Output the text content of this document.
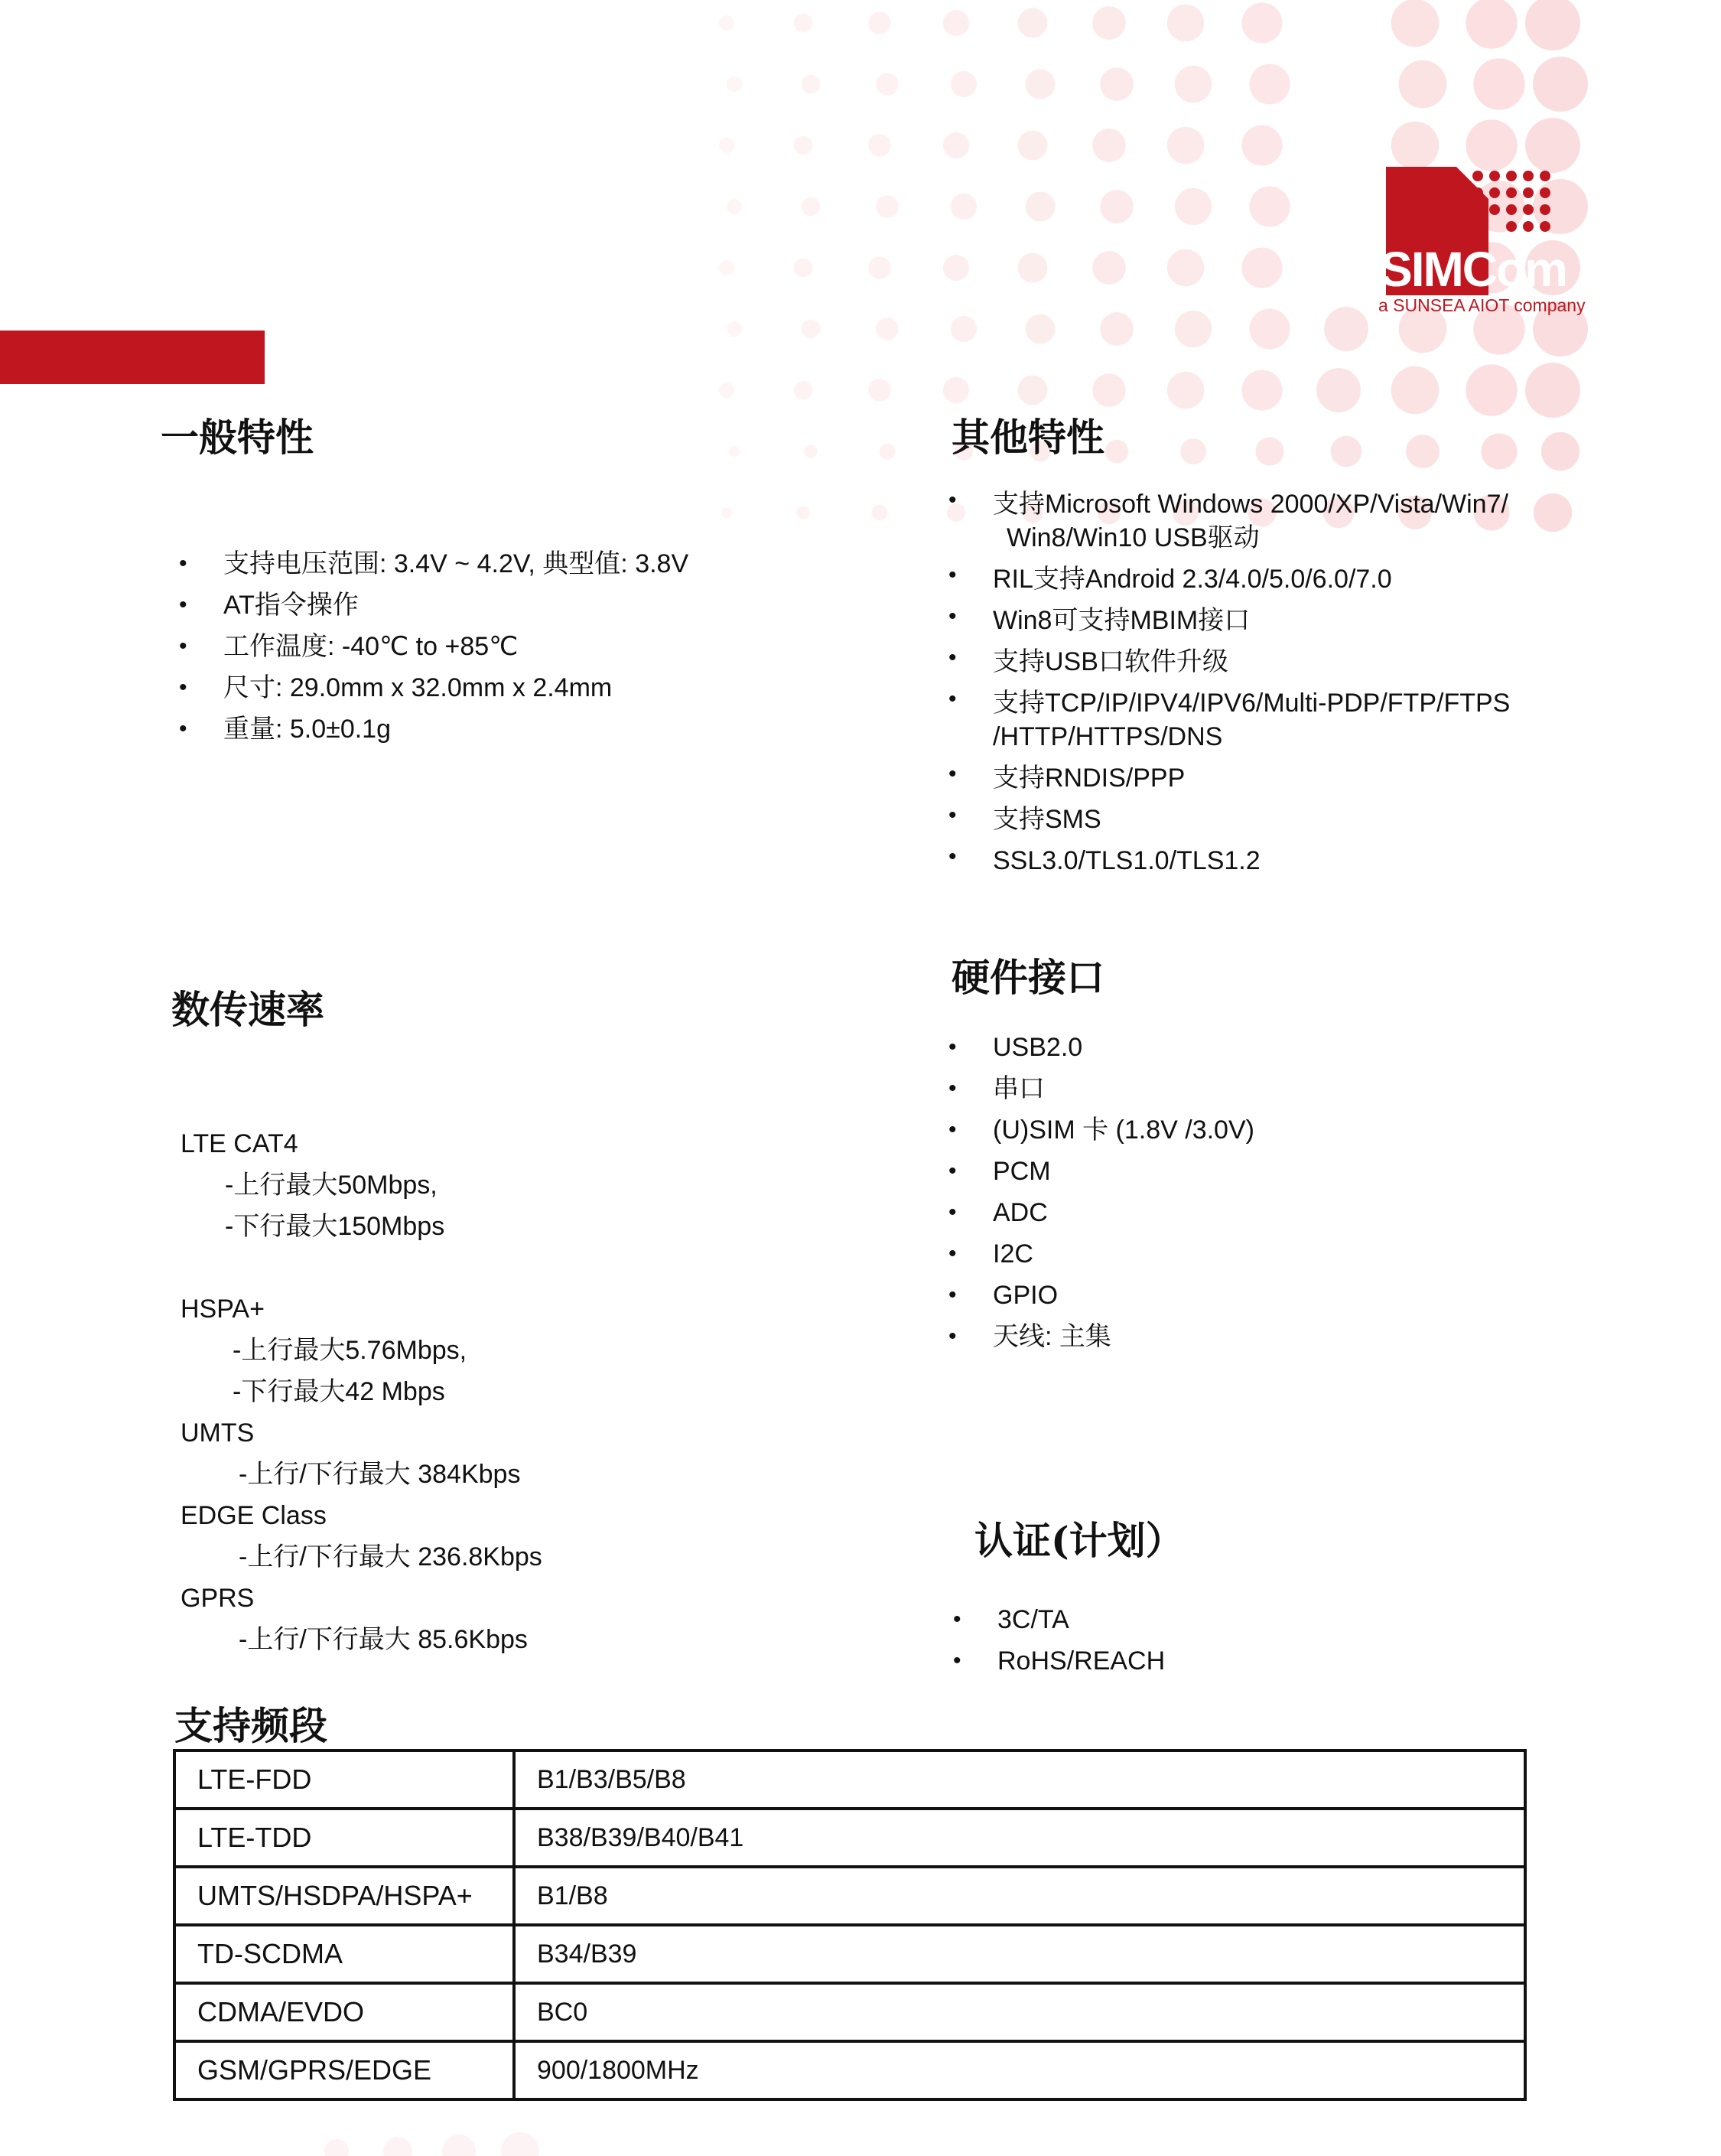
SIMCom
a SUNSEA AIOT company
一般特性
• 支持电压范围: 3.4V ~ 4.2V, 典型值: 3.8V
• AT指令操作
• 工作温度: -40℃ to +85℃
• 尺寸: 29.0mm x 32.0mm x 2.4mm
• 重量: 5.0±0.1g
其他特性
• 支持Microsoft Windows 2000/XP/Vista/Win7/
Win8/Win10 USB驱动
• RIL支持Android 2.3/4.0/5.0/6.0/7.0
• Win8可支持MBIM接口
• 支持USB口软件升级
• 支持TCP/IP/IPV4/IPV6/Multi-PDP/FTP/FTPS
/HTTP/HTTPS/DNS
• 支持RNDIS/PPP
• 支持SMS
• SSL3.0/TLS1.0/TLS1.2
数传速率
LTE CAT4
-上行最大50Mbps,
-下行最大150Mbps
HSPA+
-上行最大5.76Mbps,
-下行最大42 Mbps
UMTS
-上行/下行最大 384Kbps
EDGE Class
-上行/下行最大 236.8Kbps
GPRS
-上行/下行最大 85.6Kbps
硬件接口
• USB2.0
• 串口
• (U)SIM 卡 (1.8V /3.0V)
• PCM
• ADC
• I2C
• GPIO
• 天线: 主集
认证(计划）
• 3C/TA
• RoHS/REACH
支持频段
LTE-FDD	B1/B3/B5/B8
LTE-TDD	B38/B39/B40/B41
UMTS/HSDPA/HSPA+	B1/B8
TD-SCDMA	B34/B39
CDMA/EVDO	BC0
GSM/GPRS/EDGE	900/1800MHz
